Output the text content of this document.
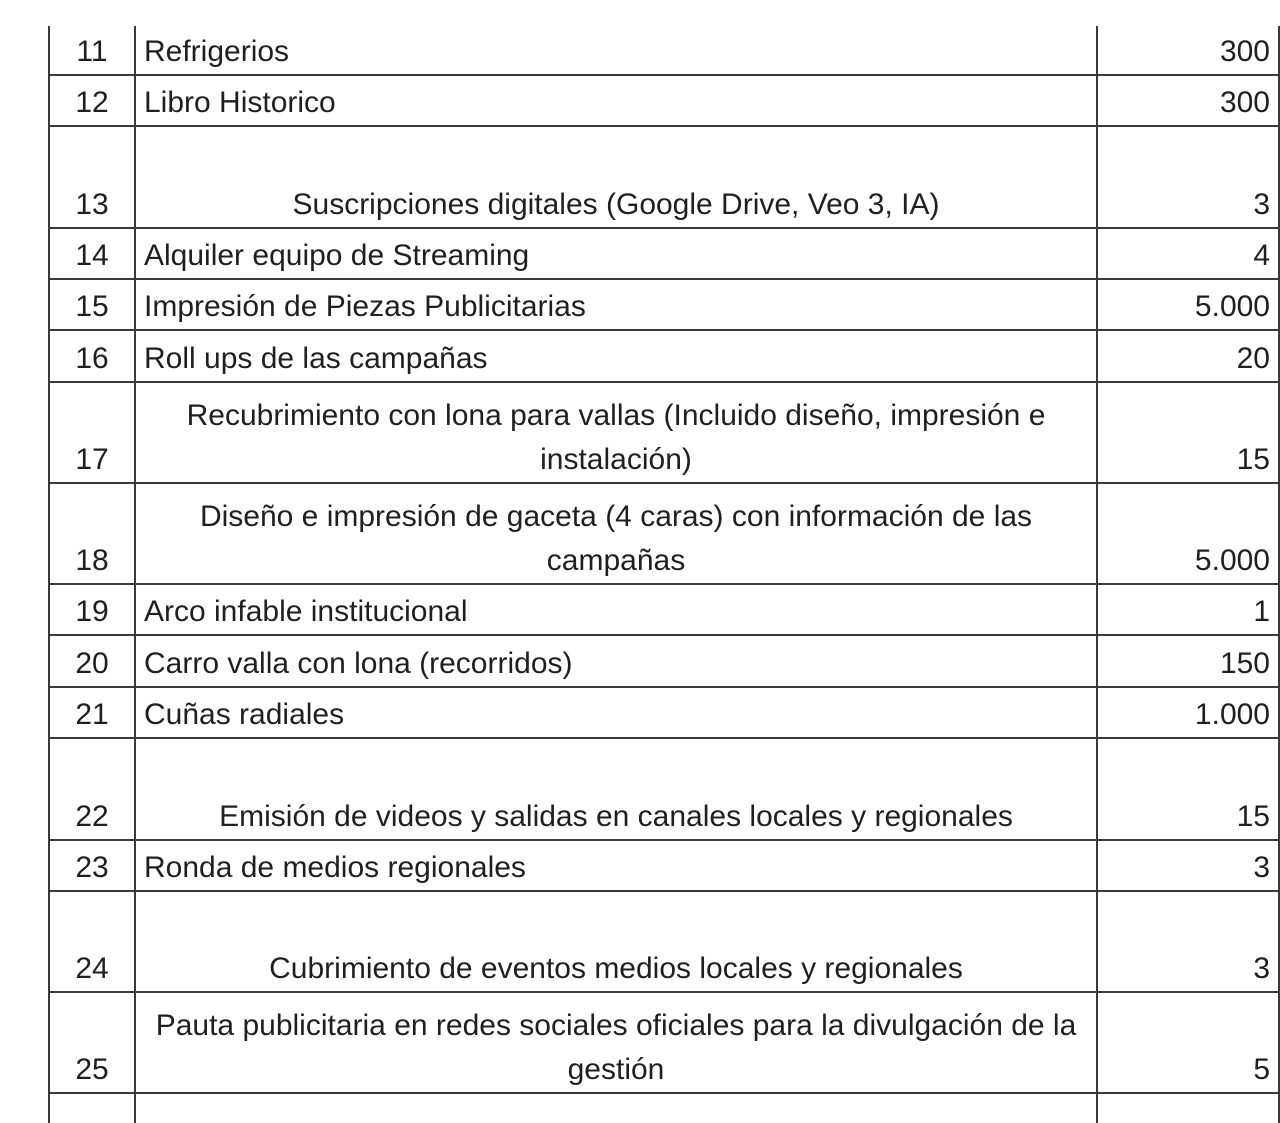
11	Refrigerios	300
12	Libro Historico	300
13	Suscripciones digitales (Google Drive, Veo 3, IA)	3
14	Alquiler equipo de Streaming	4
15	Impresión de Piezas Publicitarias	5.000
16	Roll ups de las campañas	20
17	Recubrimiento con lona para vallas (Incluido diseño, impresión e instalación)	15
18	Diseño e impresión de gaceta (4 caras) con información de las campañas	5.000
19	Arco infable institucional	1
20	Carro valla con lona (recorridos)	150
21	Cuñas radiales	1.000
22	Emisión de videos y salidas en canales locales y regionales	15
23	Ronda de medios regionales	3
24	Cubrimiento de eventos medios locales y regionales	3
25	Pauta publicitaria en redes sociales oficiales para la divulgación de la gestión	5
